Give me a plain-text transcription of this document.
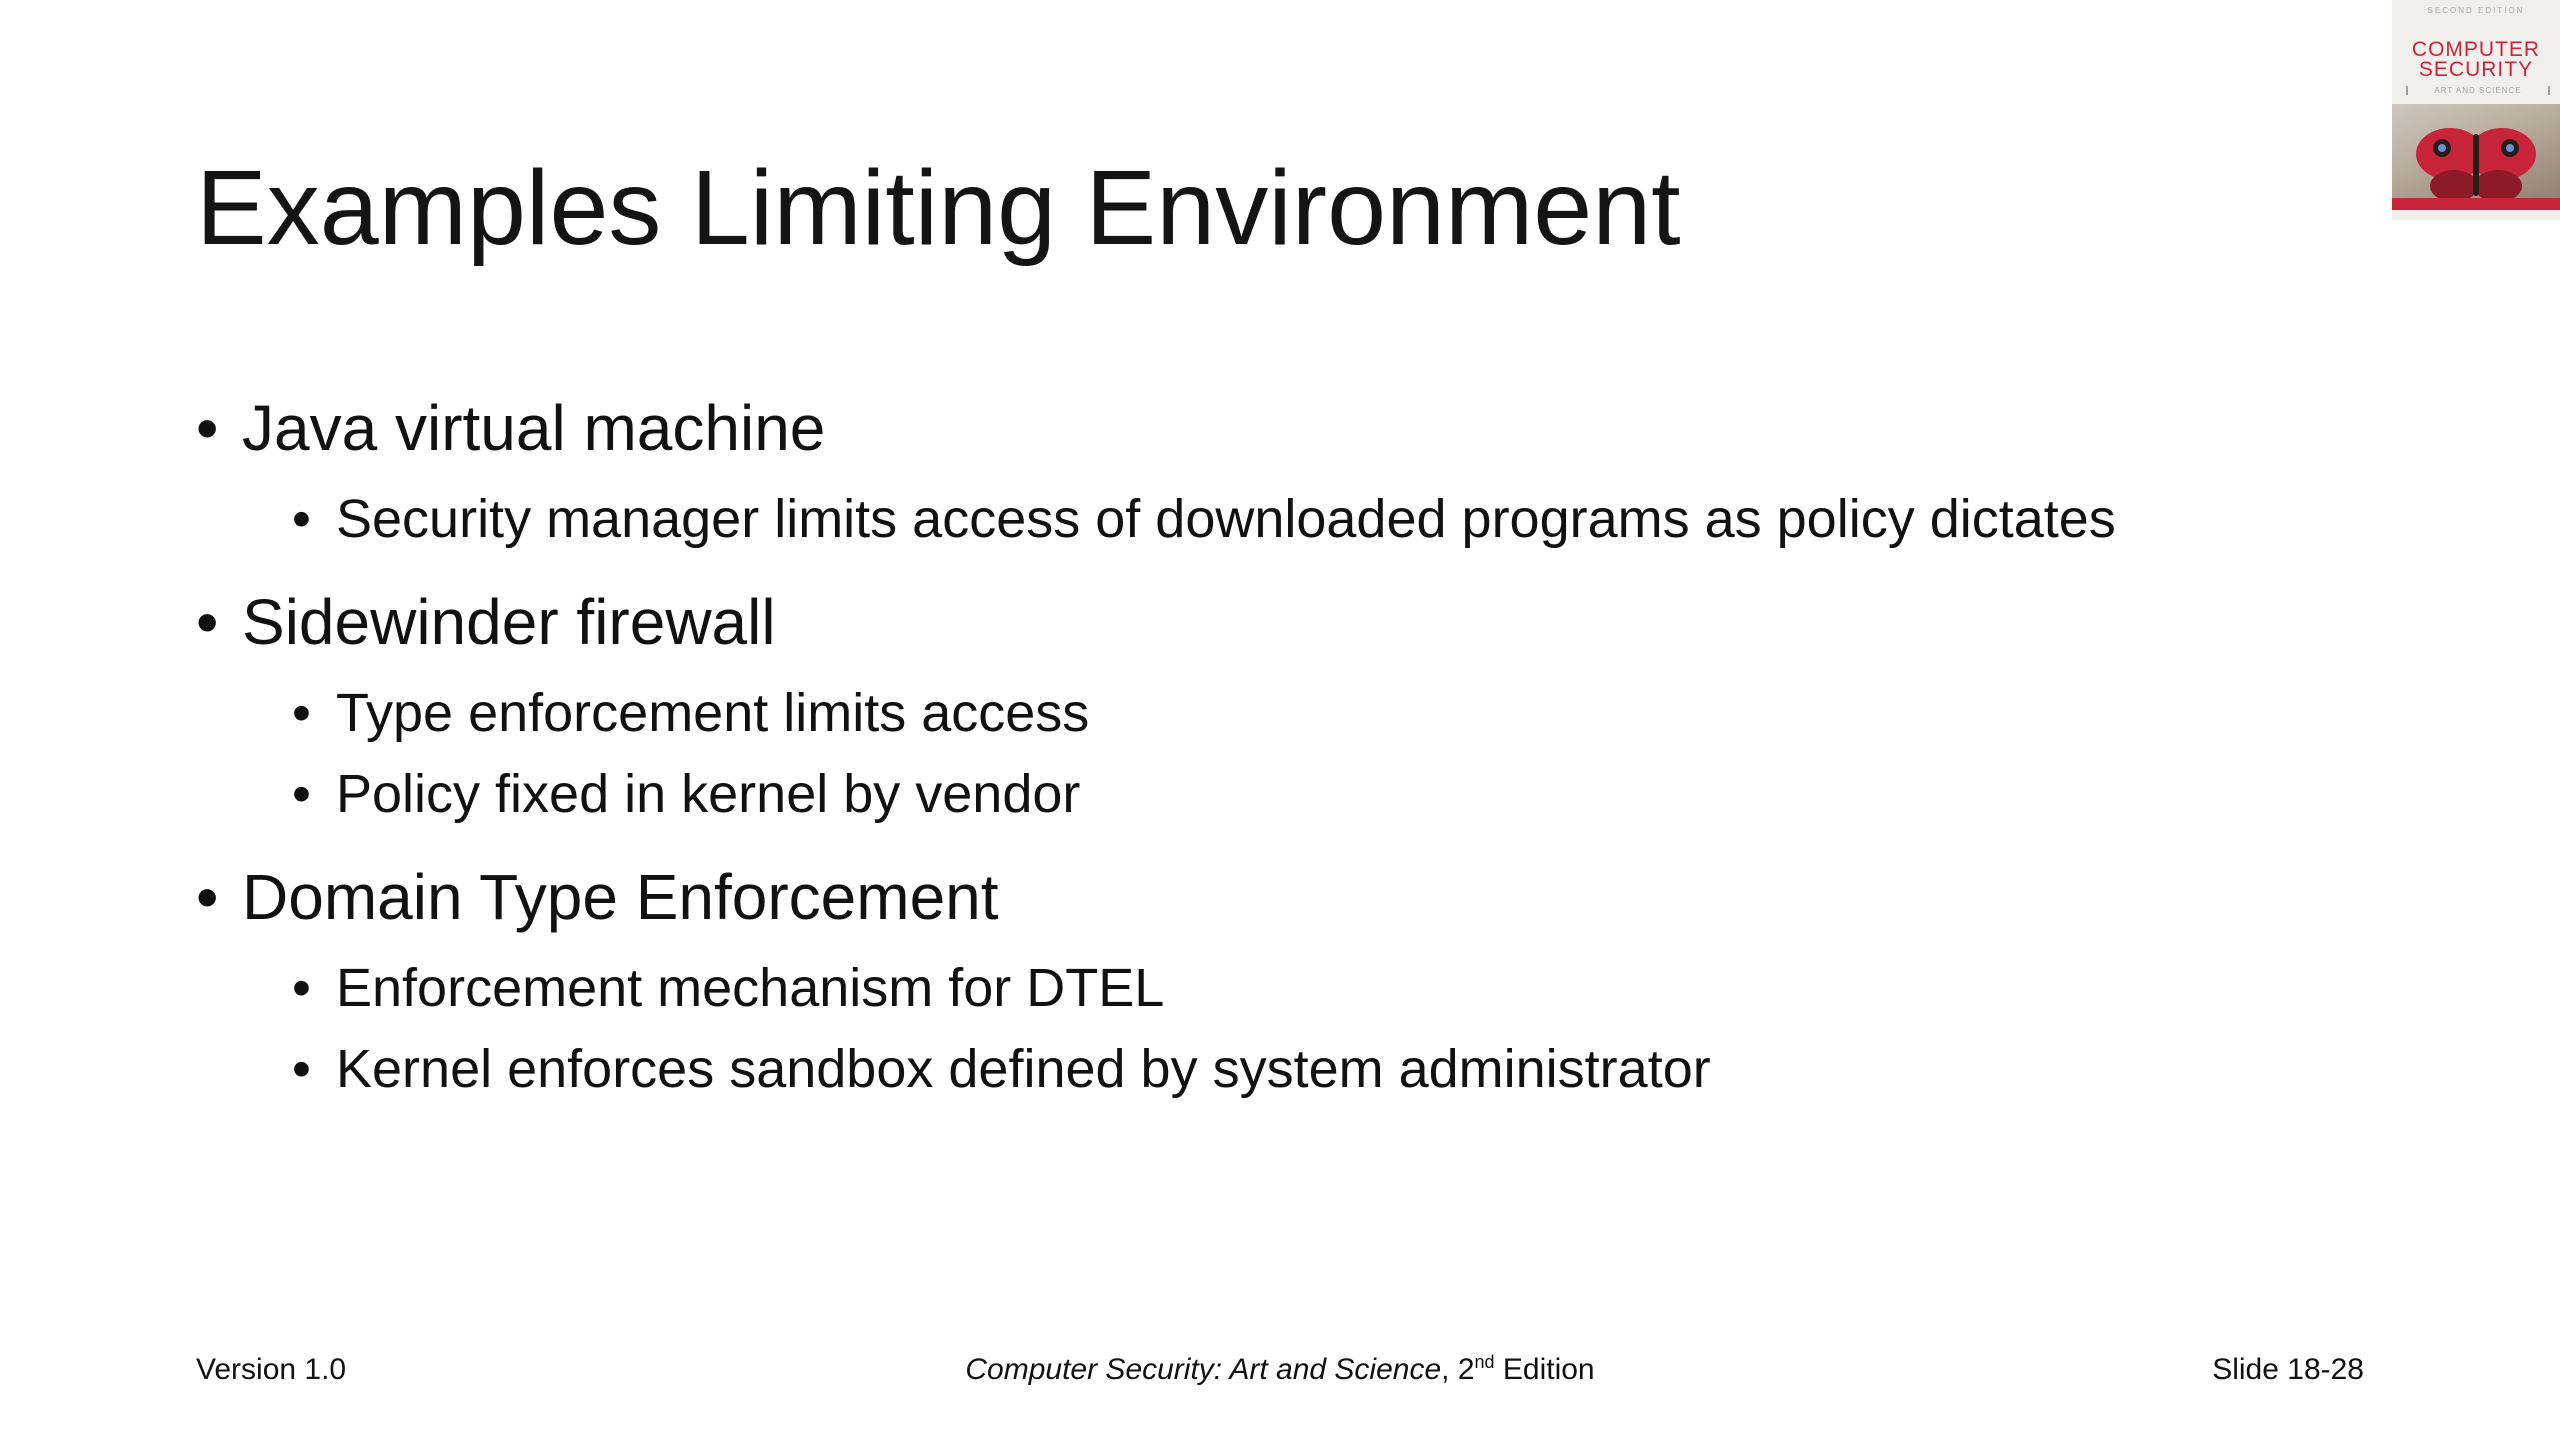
Examples Limiting Environment
• Java virtual machine
• Security manager limits access of downloaded programs as policy dictates
• Sidewinder firewall
• Type enforcement limits access
• Policy fixed in kernel by vendor
• Domain Type Enforcement
• Enforcement mechanism for DTEL
• Kernel enforces sandbox defined by system administrator
Version 1.0	Computer Security: Art and Science, 2nd Edition	Slide 18-28
SECOND EDITION
COMPUTER
SECURITY
ART AND SCIENCE
